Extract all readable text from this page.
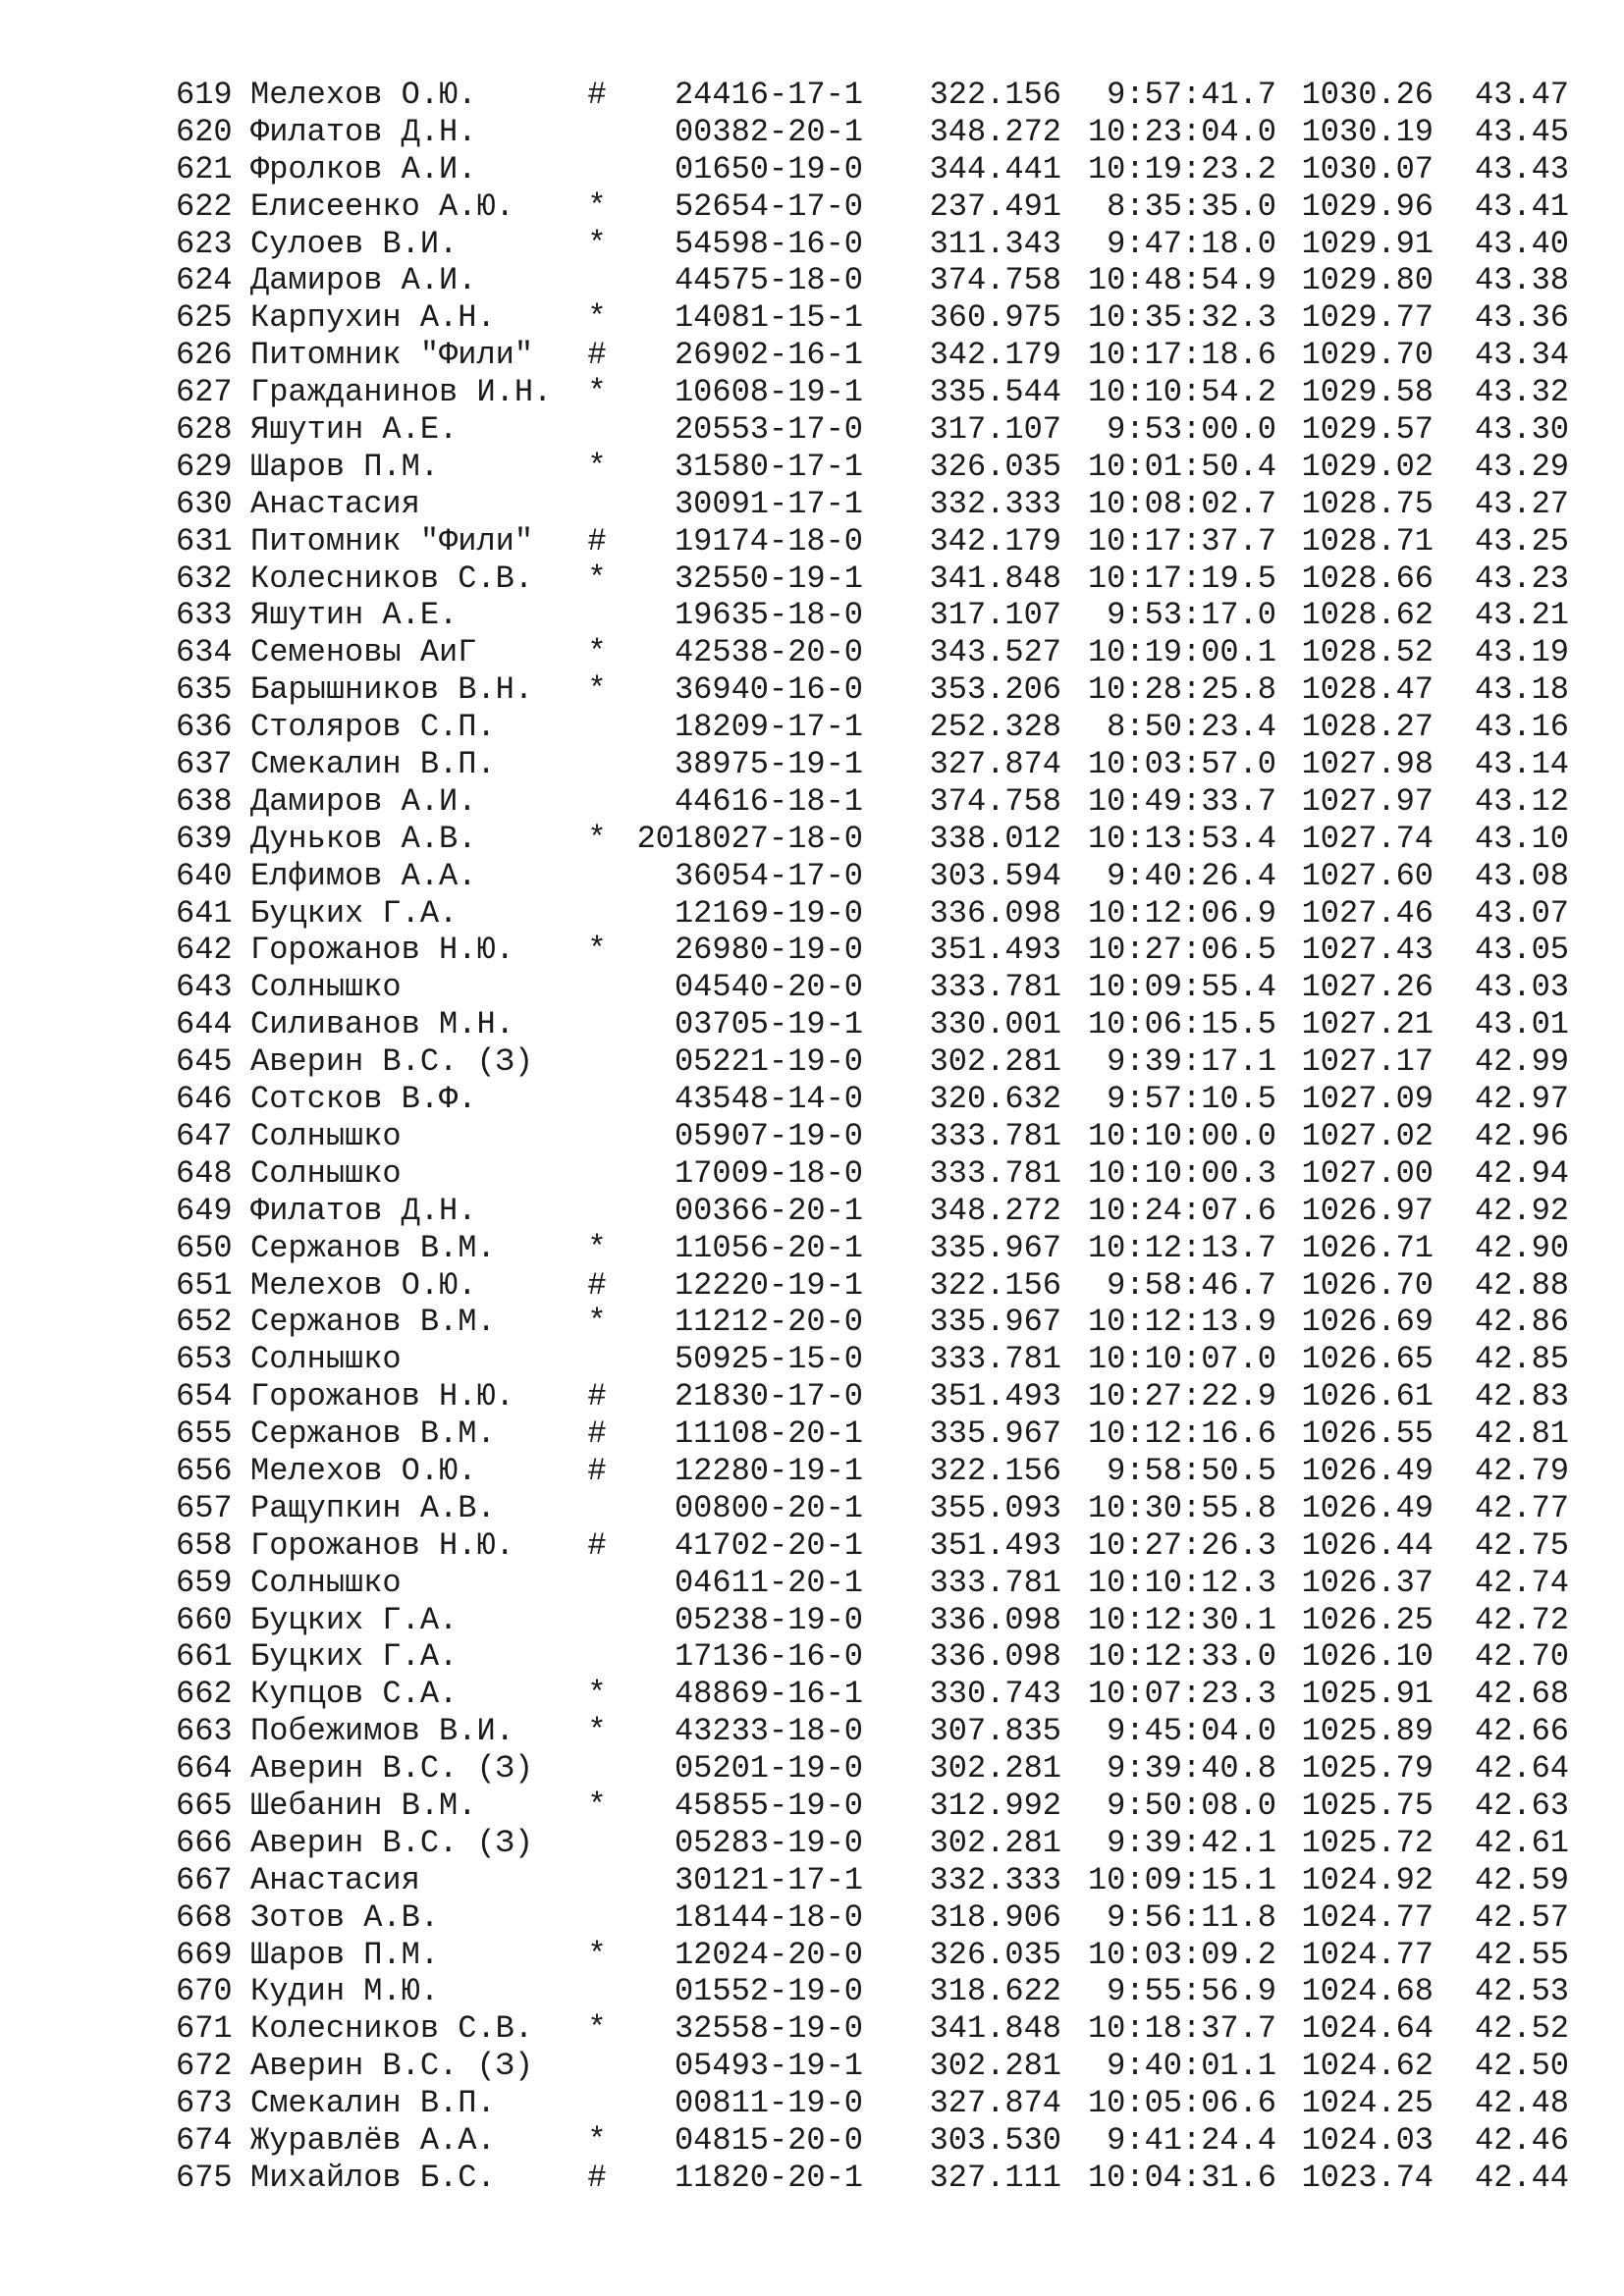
619 Мелехов О.Ю.	#	24416-17-1	322.156	9:57:41.7 1030.26	43.47
620 Филатов Д.Н.	00382-20-1	348.272 10:23:04.0 1030.19	43.45
621 Фролков А.И.	01650-19-0	344.441 10:19:23.2 1030.07	43.43
622 Елисеенко А.Ю. *	52654-17-0	237.491	8:35:35.0 1029.96	43.41
623 Сулоев В.И.	*	54598-16-0	311.343	9:47:18.0 1029.91	43.40
624 Дамиров А.И.	44575-18-0	374.758 10:48:54.9 1029.80	43.38
625 Карпухин А.Н.	*	14081-15-1	360.975 10:35:32.3 1029.77	43.36
626 Питомник "Фили" #	26902-16-1	342.179 10:17:18.6 1029.70	43.34
627 Гражданинов И.Н. *	10608-19-1	335.544 10:10:54.2 1029.58	43.32
628 Яшутин А.Е.	20553-17-0	317.107	9:53:00.0 1029.57	43.30
629 Шаров П.М.	*	31580-17-1	326.035 10:01:50.4 1029.02	43.29
630 Анастасия	30091-17-1	332.333 10:08:02.7 1028.75	43.27
631 Питомник "Фили" #	19174-18-0	342.179 10:17:37.7 1028.71	43.25
632 Колесников С.В. *	32550-19-1	341.848 10:17:19.5 1028.66	43.23
633 Яшутин А.Е.	19635-18-0	317.107	9:53:17.0 1028.62	43.21
634 Семеновы АиГ	*	42538-20-0	343.527 10:19:00.1 1028.52	43.19
635 Барышников В.Н. *	36940-16-0	353.206 10:28:25.8 1028.47	43.18
636 Столяров С.П.	18209-17-1	252.328	8:50:23.4 1028.27	43.16
637 Смекалин В.П.	38975-19-1	327.874 10:03:57.0 1027.98	43.14
638 Дамиров А.И.	44616-18-1	374.758 10:49:33.7 1027.97	43.12
639 Дуньков А.В.	* 2018027-18-0	338.012 10:13:53.4 1027.74	43.10
640 Елфимов А.А.	36054-17-0	303.594	9:40:26.4 1027.60	43.08
641 Буцких Г.А.	12169-19-0	336.098 10:12:06.9 1027.46	43.07
642 Горожанов Н.Ю. *	26980-19-0	351.493 10:27:06.5 1027.43	43.05
643 Солнышко	04540-20-0	333.781 10:09:55.4 1027.26	43.03
644 Силиванов М.Н.	03705-19-1	330.001 10:06:15.5 1027.21	43.01
645 Аверин В.С. (З)	05221-19-0	302.281	9:39:17.1 1027.17	42.99
646 Сотсков В.Ф.	43548-14-0	320.632	9:57:10.5 1027.09	42.97
647 Солнышко	05907-19-0	333.781 10:10:00.0 1027.02	42.96
648 Солнышко	17009-18-0	333.781 10:10:00.3 1027.00	42.94
649 Филатов Д.Н.	00366-20-1	348.272 10:24:07.6 1026.97	42.92
650 Сержанов В.М.	*	11056-20-1	335.967 10:12:13.7 1026.71	42.90
651 Мелехов О.Ю.	#	12220-19-1	322.156	9:58:46.7 1026.70	42.88
652 Сержанов В.М.	*	11212-20-0	335.967 10:12:13.9 1026.69	42.86
653 Солнышко	50925-15-0	333.781 10:10:07.0 1026.65	42.85
654 Горожанов Н.Ю. #	21830-17-0	351.493 10:27:22.9 1026.61	42.83
655 Сержанов В.М.	#	11108-20-1	335.967 10:12:16.6 1026.55	42.81
656 Мелехов О.Ю.	#	12280-19-1	322.156	9:58:50.5 1026.49	42.79
657 Ращупкин А.В.	00800-20-1	355.093 10:30:55.8 1026.49	42.77
658 Горожанов Н.Ю. #	41702-20-1	351.493 10:27:26.3 1026.44	42.75
659 Солнышко	04611-20-1	333.781 10:10:12.3 1026.37	42.74
660 Буцких Г.А.	05238-19-0	336.098 10:12:30.1 1026.25	42.72
661 Буцких Г.А.	17136-16-0	336.098 10:12:33.0 1026.10	42.70
662 Купцов С.А.	*	48869-16-1	330.743 10:07:23.3 1025.91	42.68
663 Побежимов В.И. *	43233-18-0	307.835	9:45:04.0 1025.89	42.66
664 Аверин В.С. (З)	05201-19-0	302.281	9:39:40.8 1025.79	42.64
665 Шебанин В.М.	*	45855-19-0	312.992	9:50:08.0 1025.75	42.63
666 Аверин В.С. (З)	05283-19-0	302.281	9:39:42.1 1025.72	42.61
667 Анастасия	30121-17-1	332.333 10:09:15.1 1024.92	42.59
668 Зотов А.В.	18144-18-0	318.906	9:56:11.8 1024.77	42.57
669 Шаров П.М.	*	12024-20-0	326.035 10:03:09.2 1024.77	42.55
670 Кудин М.Ю.	01552-19-0	318.622	9:55:56.9 1024.68	42.53
671 Колесников С.В. *	32558-19-0	341.848 10:18:37.7 1024.64	42.52
672 Аверин В.С. (З)	05493-19-1	302.281	9:40:01.1 1024.62	42.50
673 Смекалин В.П.	00811-19-0	327.874 10:05:06.6 1024.25	42.48
674 Журавлёв А.А.	*	04815-20-0	303.530	9:41:24.4 1024.03	42.46
675 Михайлов Б.С.	#	11820-20-1	327.111 10:04:31.6 1023.74	42.44
